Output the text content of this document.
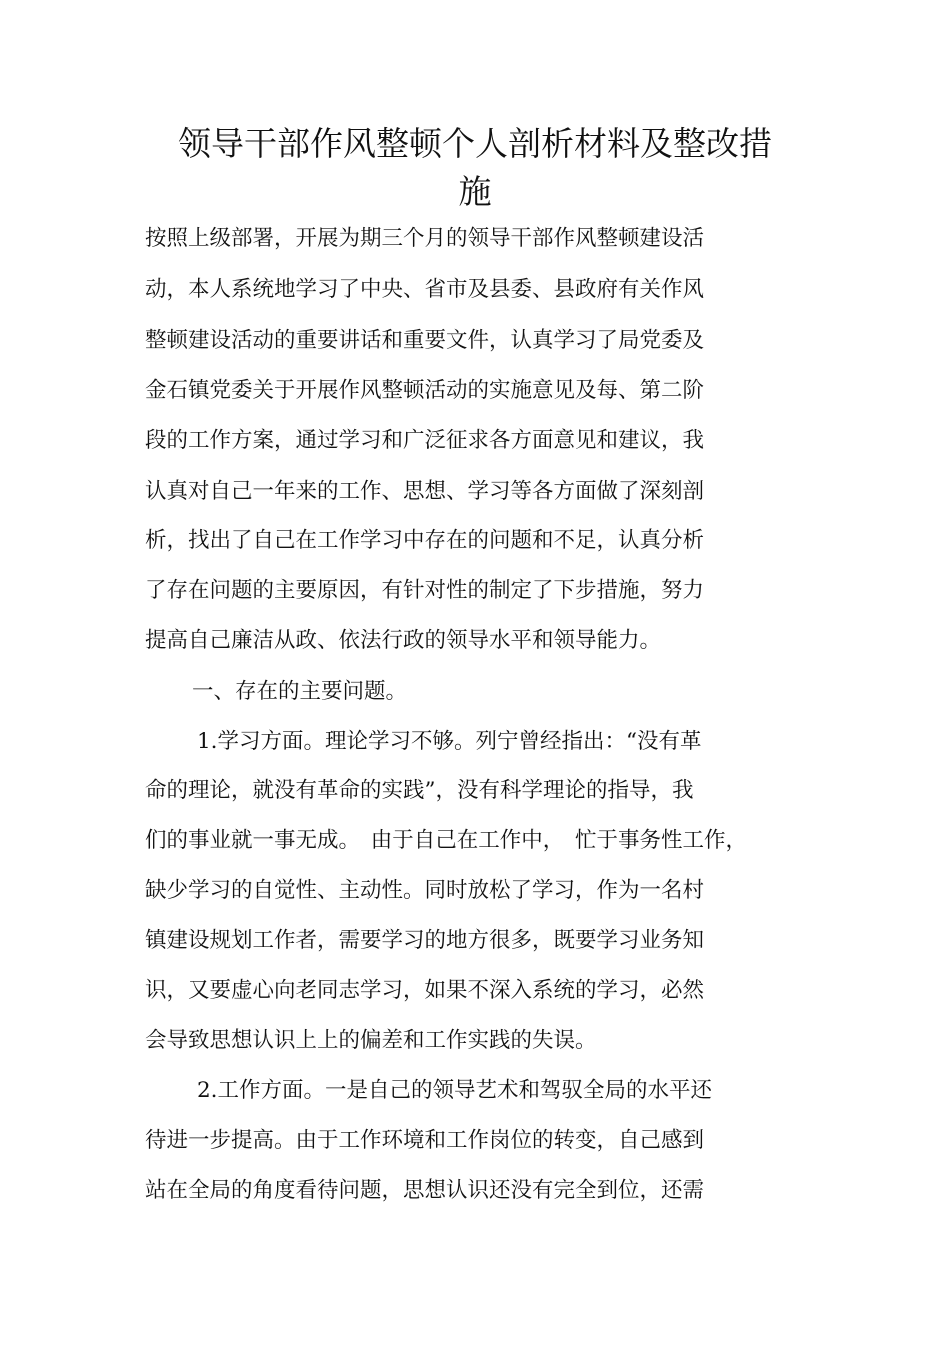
领导干部作风整顿个人剖析材料及整改措
施

按照上级部署，开展为期三个月的领导干部作风整顿建设活

动，本人系统地学习了中央、省市及县委、县政府有关作风

整顿建设活动的重要讲话和重要文件，认真学习了局党委及

金石镇党委关于开展作风整顿活动的实施意见及每、第二阶

段的工作方案，通过学习和广泛征求各方面意见和建议，我

认真对自己一年来的工作、思想、学习等各方面做了深刻剖

析，找出了自己在工作学习中存在的问题和不足，认真分析

了存在问题的主要原因，有针对性的制定了下步措施，努力

提高自己廉洁从政、依法行政的领导水平和领导能力。

一、存在的主要问题。

1.学习方面。理论学习不够。列宁曾经指出：“没有革

命的理论，就没有革命的实践”，没有科学理论的指导，我

们的事业就一事无成。　由于自己在工作中，　忙于事务性工作，

缺少学习的自觉性、主动性。同时放松了学习，作为一名村

镇建设规划工作者，需要学习的地方很多，既要学习业务知

识，又要虚心向老同志学习，如果不深入系统的学习，必然

会导致思想认识上上的偏差和工作实践的失误。

2.工作方面。一是自己的领导艺术和驾驭全局的水平还

待进一步提高。由于工作环境和工作岗位的转变，自己感到

站在全局的角度看待问题，思想认识还没有完全到位，还需
